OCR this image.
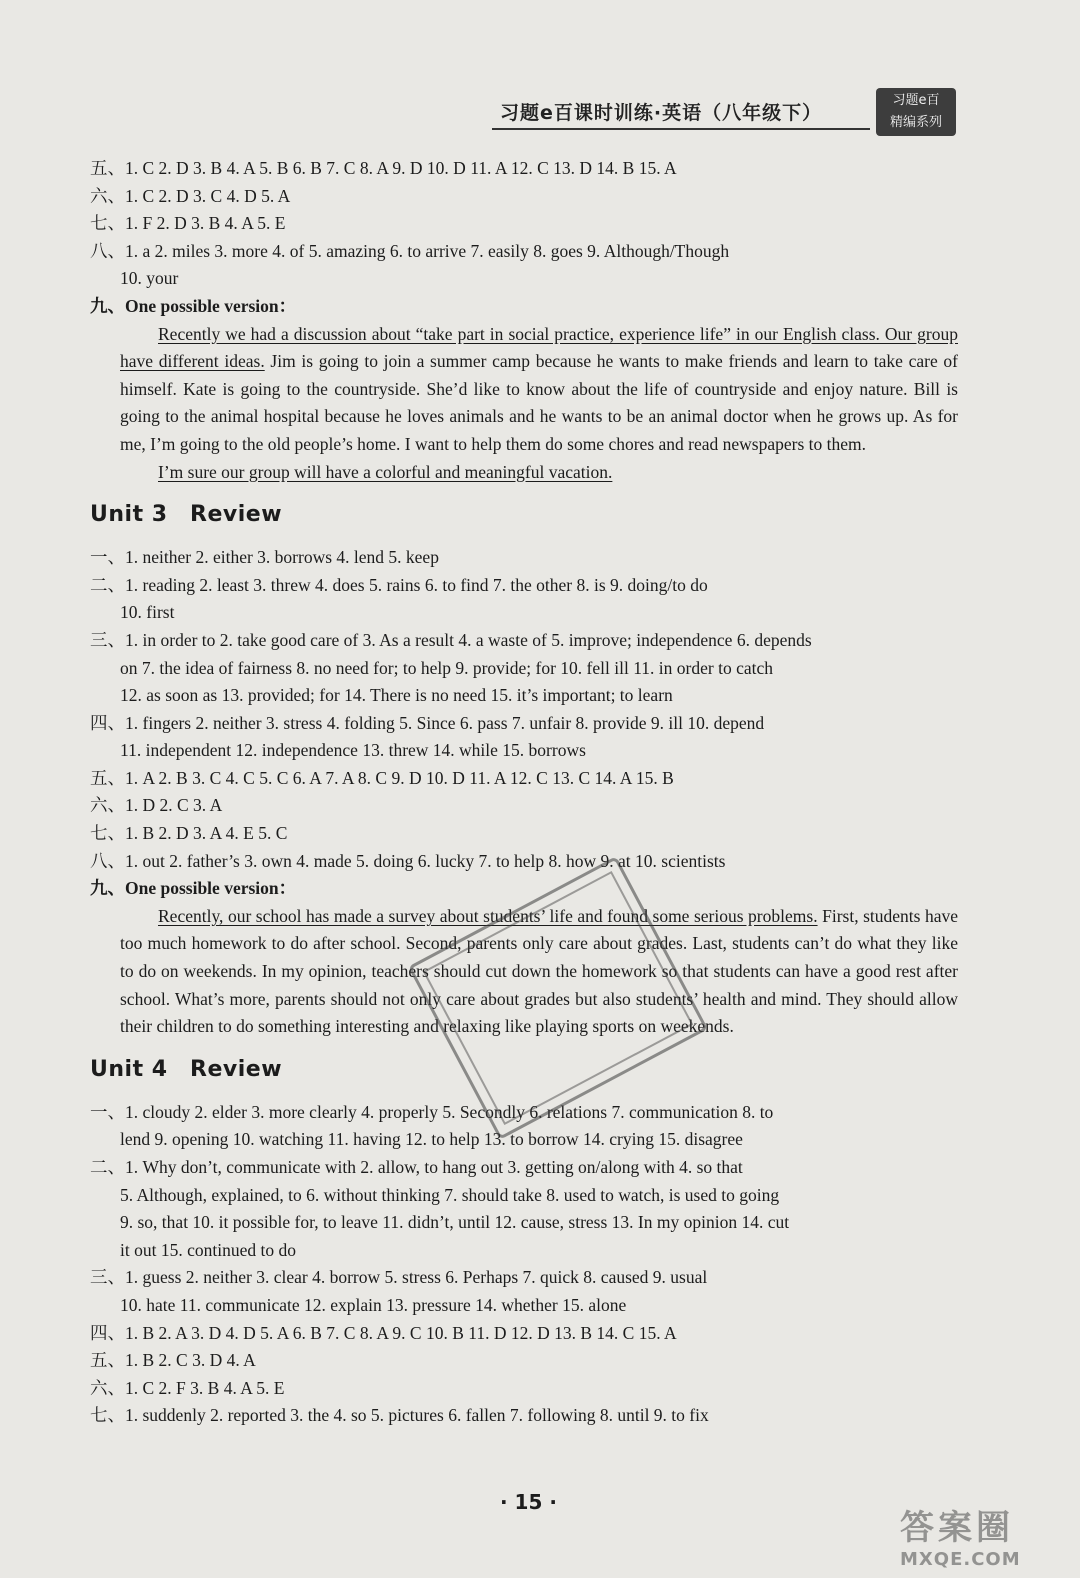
习题e百课时训练·英语（八年级下）
习题e百
精编系列
五、1. C 2. D 3. B 4. A 5. B 6. B 7. C 8. A 9. D 10. D 11. A 12. C 13. D 14. B 15. A
六、1. C 2. D 3. C 4. D 5. A
七、1. F 2. D 3. B 4. A 5. E
八、1. a 2. miles 3. more 4. of 5. amazing 6. to arrive 7. easily 8. goes 9. Although/Though
10. your
九、One possible version：

Recently we had a discussion about “take part in social practice, experience life” in our English class. Our group have different ideas. Jim is going to join a summer camp because he wants to make friends and learn to take care of himself. Kate is going to the countryside. She’d like to know about the life of countryside and enjoy nature. Bill is going to the animal hospital because he loves animals and he wants to be an animal doctor when he grows up. As for me, I’m going to the old people’s home. I want to help them do some chores and read newspapers to them.

I’m sure our group will have a colorful and meaningful vacation.

Unit 3　Review
一、1. neither 2. either 3. borrows 4. lend 5. keep
二、1. reading 2. least 3. threw 4. does 5. rains 6. to find 7. the other 8. is 9. doing/to do
10. first
三、1. in order to 2. take good care of 3. As a result 4. a waste of 5. improve; independence 6. depends
on 7. the idea of fairness 8. no need for; to help 9. provide; for 10. fell ill 11. in order to catch
12. as soon as 13. provided; for 14. There is no need 15. it’s important; to learn
四、1. fingers 2. neither 3. stress 4. folding 5. Since 6. pass 7. unfair 8. provide 9. ill 10. depend
11. independent 12. independence 13. threw 14. while 15. borrows
五、1. A 2. B 3. C 4. C 5. C 6. A 7. A 8. C 9. D 10. D 11. A 12. C 13. C 14. A 15. B
六、1. D 2. C 3. A
七、1. B 2. D 3. A 4. E 5. C
八、1. out 2. father’s 3. own 4. made 5. doing 6. lucky 7. to help 8. how 9. at 10. scientists
九、One possible version：

Recently, our school has made a survey about students’ life and found some serious problems. First, students have too much homework to do after school. Second, parents only care about grades. Last, students can’t do what they like to do on weekends. In my opinion, teachers should cut down the homework so that students can have a good rest after school. What’s more, parents should not only care about grades but also students’ health and mind. They should allow their children to do something interesting and relaxing like playing sports on weekends.

Unit 4　Review
一、1. cloudy 2. elder 3. more clearly 4. properly 5. Secondly 6. relations 7. communication 8. to
lend 9. opening 10. watching 11. having 12. to help 13. to borrow 14. crying 15. disagree
二、1. Why don’t, communicate with 2. allow, to hang out 3. getting on/along with 4. so that
5. Although, explained, to 6. without thinking 7. should take 8. used to watch, is used to going
9. so, that 10. it possible for, to leave 11. didn’t, until 12. cause, stress 13. In my opinion 14. cut
it out 15. continued to do
三、1. guess 2. neither 3. clear 4. borrow 5. stress 6. Perhaps 7. quick 8. caused 9. usual
10. hate 11. communicate 12. explain 13. pressure 14. whether 15. alone
四、1. B 2. A 3. D 4. D 5. A 6. B 7. C 8. A 9. C 10. B 11. D 12. D 13. B 14. C 15. A
五、1. B 2. C 3. D 4. A
六、1. C 2. F 3. B 4. A 5. E
七、1. suddenly 2. reported 3. the 4. so 5. pictures 6. fallen 7. following 8. until 9. to fix
· 15 ·
答案圈
MXQE.COM
